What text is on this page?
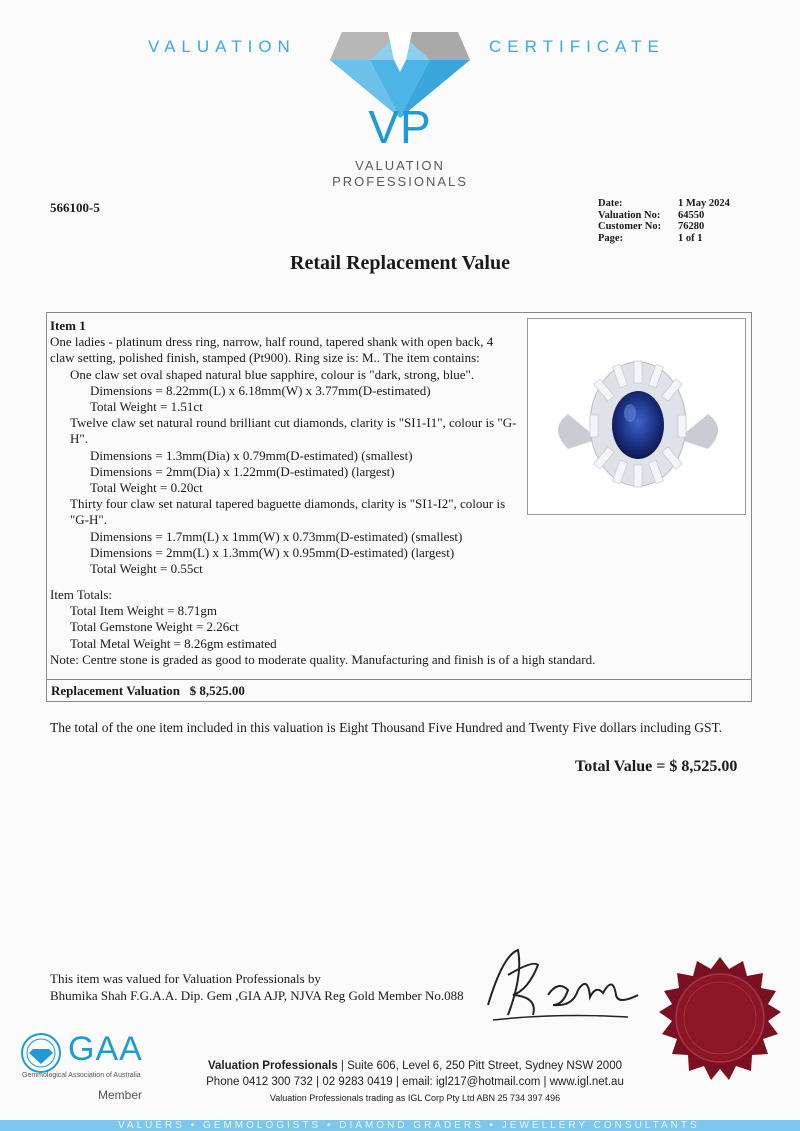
VALUATION	CERTIFICATE
VP
VALUATION
PROFESSIONALS
566100-5	Date:	1 May 2024
Valuation No:	64550
Customer No:	76280
Page:	1 of 1
Retail Replacement Value

Item 1

One ladies - platinum dress ring, narrow, half round, tapered shank with open back, 4 claw setting, polished finish, stamped (Pt900). Ring size is: M.. The item contains:

One claw set oval shaped natural blue sapphire, colour is "dark, strong, blue".

Dimensions = 8.22mm(L) x 6.18mm(W) x 3.77mm(D-estimated)

Total Weight = 1.51ct

Twelve claw set natural round brilliant cut diamonds, clarity is "SI1-I1", colour is "G-H".

Dimensions = 1.3mm(Dia) x 0.79mm(D-estimated) (smallest)

Dimensions = 2mm(Dia) x 1.22mm(D-estimated) (largest)

Total Weight = 0.20ct

Thirty four claw set natural tapered baguette diamonds, clarity is "SI1-I2", colour is "G-H".

Dimensions = 1.7mm(L) x 1mm(W) x 0.73mm(D-estimated) (smallest)

Dimensions = 2mm(L) x 1.3mm(W) x 0.95mm(D-estimated) (largest)

Total Weight = 0.55ct

Item Totals:

Total Item Weight = 8.71gm

Total Gemstone Weight = 2.26ct

Total Metal Weight = 8.26gm estimated

Note: Centre stone is graded as good to moderate quality. Manufacturing and finish is of a high standard.

Replacement Valuation $ 8,525.00
The total of the one item included in this valuation is Eight Thousand Five Hundred and Twenty Five dollars including GST.
Total Value = $ 8,525.00
This item was valued for Valuation Professionals by
Bhumika Shah F.G.A.A. Dip. Gem ,GIA AJP, NJVA Reg Gold Member No.088
GAA
Gemmological Association of Australia
Member
Valuation Professionals | Suite 606, Level 6, 250 Pitt Street, Sydney NSW 2000
Phone 0412 300 732 | 02 9283 0419 | email: igl217@hotmail.com | www.igl.net.au
Valuation Professionals trading as IGL Corp Pty Ltd ABN 25 734 397 496
VALUERS • GEMMOLOGISTS • DIAMOND GRADERS • JEWELLERY CONSULTANTS
